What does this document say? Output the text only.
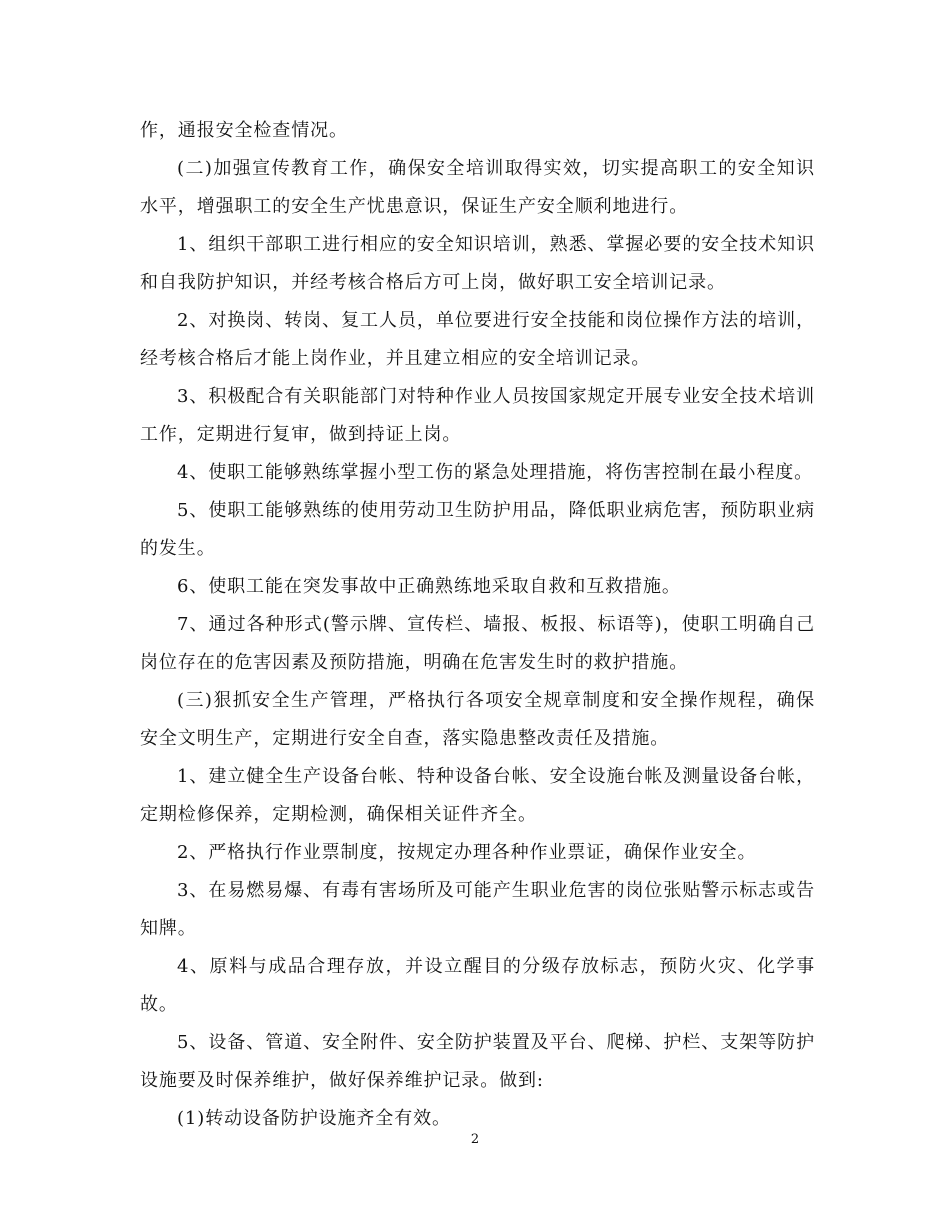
作，通报安全检查情况。

(二)加强宣传教育工作，确保安全培训取得实效，切实提高职工的安全知识水平，增强职工的安全生产忧患意识，保证生产安全顺利地进行。

1、组织干部职工进行相应的安全知识培训，熟悉、掌握必要的安全技术知识和自我防护知识，并经考核合格后方可上岗，做好职工安全培训记录。

2、对换岗、转岗、复工人员，单位要进行安全技能和岗位操作方法的培训，经考核合格后才能上岗作业，并且建立相应的安全培训记录。

3、积极配合有关职能部门对特种作业人员按国家规定开展专业安全技术培训工作，定期进行复审，做到持证上岗。

4、使职工能够熟练掌握小型工伤的紧急处理措施，将伤害控制在最小程度。

5、使职工能够熟练的使用劳动卫生防护用品，降低职业病危害，预防职业病的发生。

6、使职工能在突发事故中正确熟练地采取自救和互救措施。

7、通过各种形式(警示牌、宣传栏、墙报、板报、标语等)，使职工明确自己岗位存在的危害因素及预防措施，明确在危害发生时的救护措施。

(三)狠抓安全生产管理，严格执行各项安全规章制度和安全操作规程，确保安全文明生产，定期进行安全自查，落实隐患整改责任及措施。

1、建立健全生产设备台帐、特种设备台帐、安全设施台帐及测量设备台帐，定期检修保养，定期检测，确保相关证件齐全。

2、严格执行作业票制度，按规定办理各种作业票证，确保作业安全。

3、在易燃易爆、有毒有害场所及可能产生职业危害的岗位张贴警示标志或告知牌。

4、原料与成品合理存放，并设立醒目的分级存放标志，预防火灾、化学事故。

5、设备、管道、安全附件、安全防护装置及平台、爬梯、护栏、支架等防护设施要及时保养维护，做好保养维护记录。做到:

(1)转动设备防护设施齐全有效。

2
